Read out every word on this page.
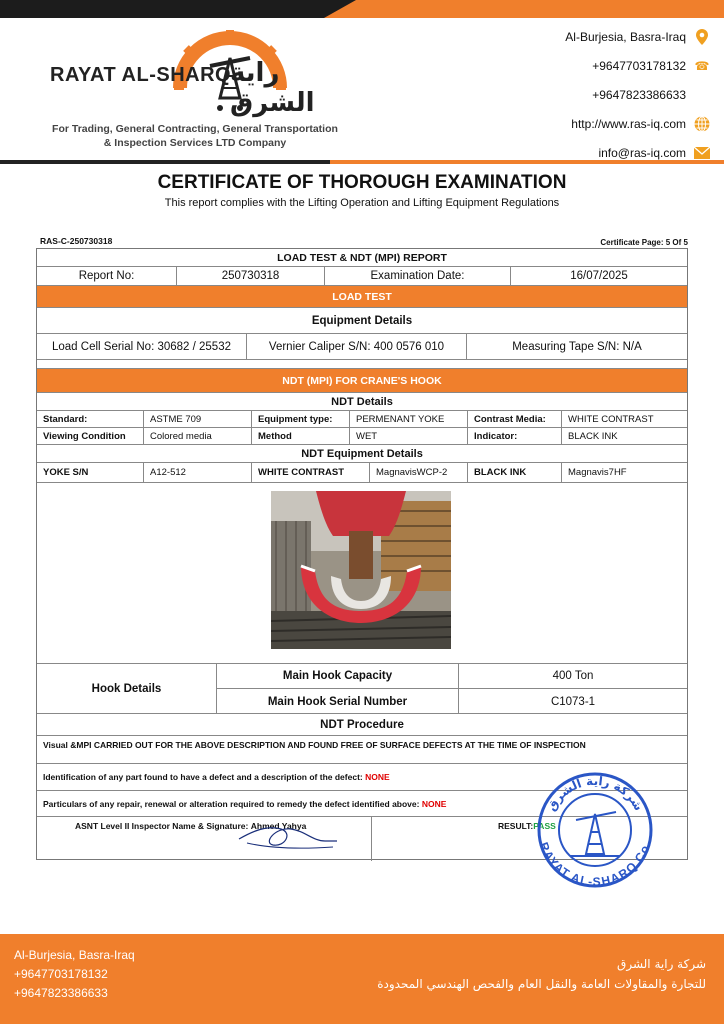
RAYAT AL-SHARQ
راية الشرق
For Trading, General Contracting, General Transportation
& Inspection Services LTD Company
Al-Burjesia, Basra-Iraq
+9647703178132 ☎
+9647823386633
http://www.ras-iq.com
info@ras-iq.com
CERTIFICATE OF THOROUGH EXAMINATION
This report complies with the Lifting Operation and Lifting Equipment Regulations
RAS-C-250730318	Certificate Page: 5 Of 5
LOAD TEST & NDT (MPI) REPORT
Report No:	250730318	Examination Date:	16/07/2025
LOAD TEST
Equipment Details
Load Cell Serial No: 30682 / 25532	Vernier Caliper S/N: 400 0576 010	Measuring Tape S/N: N/A
NDT (MPI) FOR CRANE'S HOOK
NDT Details
Standard:	ASTME 709	Equipment type:	PERMENANT YOKE	Contrast Media:	WHITE CONTRAST
Viewing Condition	Colored media	Method	WET	Indicator:	BLACK INK
NDT Equipment Details
YOKE S/N	A12-512	WHITE CONTRAST	MagnavisWCP-2	BLACK INK	Magnavis7HF
Hook Details
Main Hook Capacity	400 Ton
Main Hook Serial Number	C1073-1
NDT Procedure
Visual &MPI CARRIED OUT FOR THE ABOVE DESCRIPTION AND FOUND FREE OF SURFACE DEFECTS AT THE TIME OF INSPECTION
Identification of any part found to have a defect and a description of the defect:
NONE
Particulars of any repair, renewal or alteration required to remedy the defect identified above:
NONE
ASNT Level II Inspector Name & Signature:
Ahmed Yahya	RESULT: PASS
شركة راية الشرق
RAYAT AL-SHARQ Co.
Al-Burjesia, Basra-Iraq
+9647703178132
+9647823386633
شركة راية الشرق
للتجارة والمقاولات العامة والنقل العام والفحص الهندسي المحدودة
